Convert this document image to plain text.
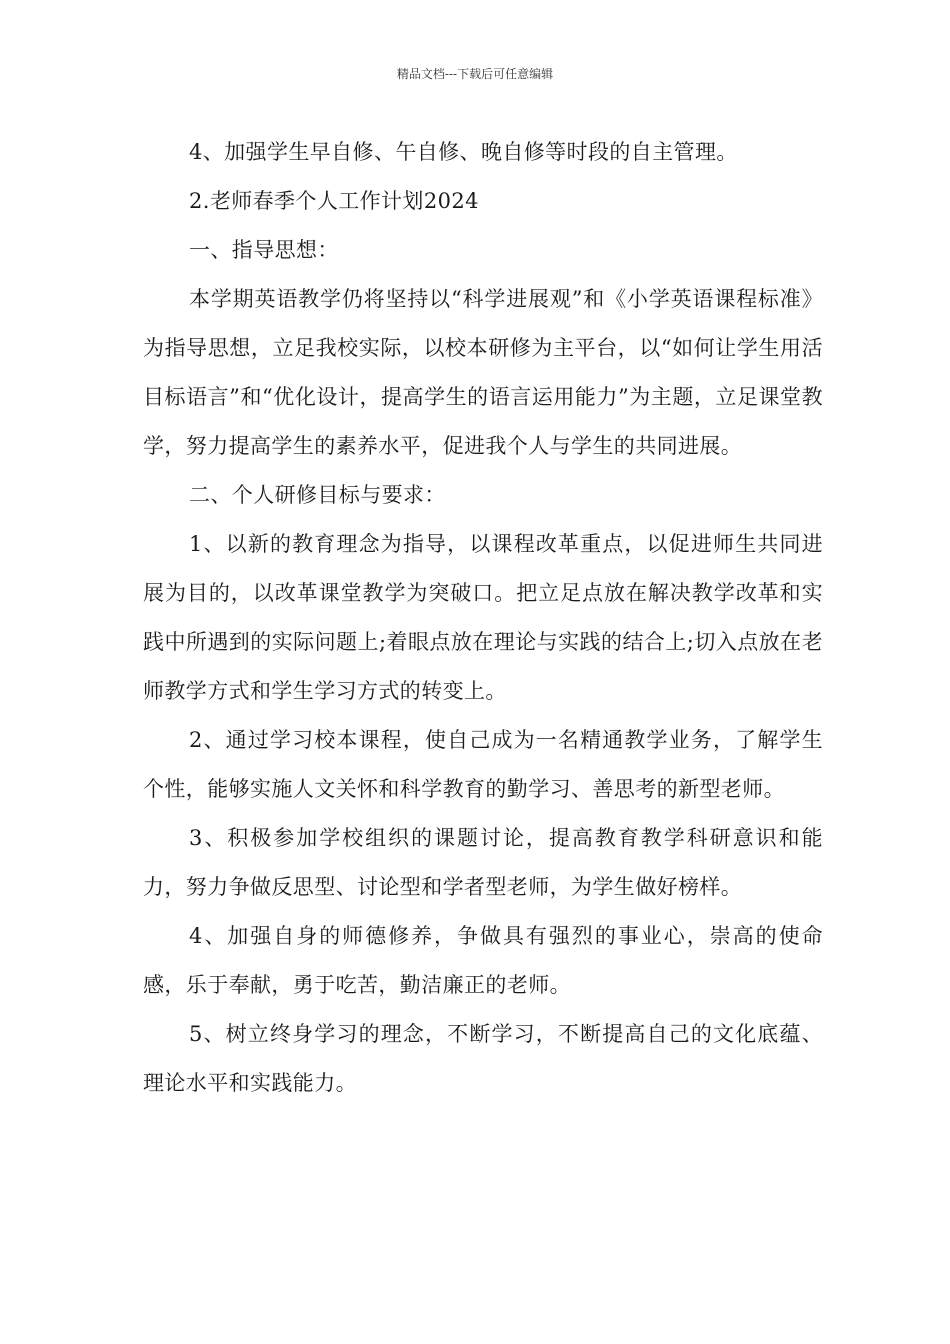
精品文档---下载后可任意编辑

4、加强学生早自修、午自修、晚自修等时段的自主管理。

2.老师春季个人工作计划2024

一、指导思想：

本学期英语教学仍将坚持以“科学进展观”和《小学英语课程标准》为指导思想，立足我校实际，以校本研修为主平台，以“如何让学生用活目标语言”和“优化设计，提高学生的语言运用能力”为主题，立足课堂教学，努力提高学生的素养水平，促进我个人与学生的共同进展。

二、个人研修目标与要求：

1、以新的教育理念为指导，以课程改革重点，以促进师生共同进展为目的，以改革课堂教学为突破口。把立足点放在解决教学改革和实践中所遇到的实际问题上;着眼点放在理论与实践的结合上;切入点放在老师教学方式和学生学习方式的转变上。

2、通过学习校本课程，使自己成为一名精通教学业务，了解学生个性，能够实施人文关怀和科学教育的勤学习、善思考的新型老师。

3、积极参加学校组织的课题讨论，提高教育教学科研意识和能力，努力争做反思型、讨论型和学者型老师，为学生做好榜样。

4、加强自身的师德修养，争做具有强烈的事业心，崇高的使命感，乐于奉献，勇于吃苦，勤洁廉正的老师。

5、树立终身学习的理念，不断学习，不断提高自己的文化底蕴、理论水平和实践能力。
